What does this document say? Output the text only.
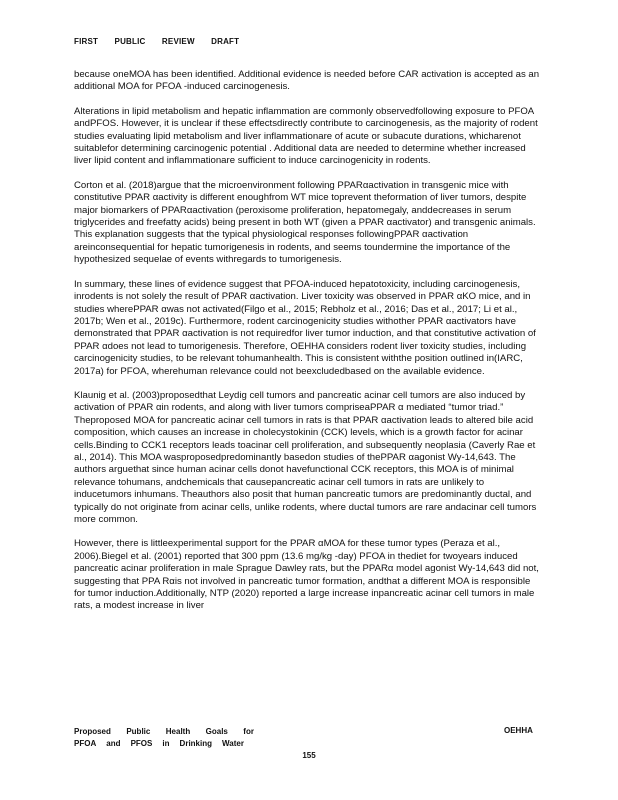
FIRST PUBLIC REVIEW DRAFT

because oneMOA has been identified. Additional evidence is needed before CAR activation is accepted as an additional MOA for PFOA -induced carcinogenesis.

Alterations in lipid metabolism and hepatic inflammation are commonly observedfollowing exposure to PFOA andPFOS. However, it is unclear if these effectsdirectly contribute to carcinogenesis, as the majority of rodent studies evaluating lipid metabolism and liver inflammationare of acute or subacute durations, whicharenot suitablefor determining carcinogenic potential . Additional data are needed to determine whether increased liver lipid content and inflammationare sufficient to induce carcinogenicity in rodents.

Corton et al. (2018)argue that the microenvironment following PPARαactivation in transgenic mice with constitutive PPAR αactivity is different enoughfrom WT mice toprevent theformation of liver tumors, despite major biomarkers of PPARαactivation (peroxisome proliferation, hepatomegaly, anddecreases in serum triglycerides and freefatty acids) being present in both WT (given a PPAR αactivator) and transgenic animals. This explanation suggests that the typical physiological responses followingPPAR αactivation areinconsequential for hepatic tumorigenesis in rodents, and seems toundermine the importance of the hypothesized sequelae of events withregards to tumorigenesis.

In summary, these lines of evidence suggest that PFOA-induced hepatotoxicity, including carcinogenesis, inrodents is not solely the result of PPAR αactivation. Liver toxicity was observed in PPAR αKO mice, and in studies wherePPAR αwas not activated(Filgo et al., 2015; Rebholz et al., 2016; Das et al., 2017; Li et al., 2017b; Wen et al., 2019c). Furthermore, rodent carcinogenicity studies withother PPAR αactivators have demonstrated that PPAR αactivation is not requiredfor liver tumor induction, and that constitutive activation of PPAR αdoes not lead to tumorigenesis. Therefore, OEHHA considers rodent liver toxicity studies, including carcinogenicity studies, to be relevant tohumanhealth. This is consistent withthe position outlined in(IARC, 2017a) for PFOA, wherehuman relevance could not beexcludedbased on the available evidence.

Klaunig et al. (2003)proposedthat Leydig cell tumors and pancreatic acinar cell tumors are also induced by activation of PPAR αin rodents, and along with liver tumors compriseaPPAR α mediated “tumor triad.” Theproposed MOA for pancreatic acinar cell tumors in rats is that PPAR αactivation leads to altered bile acid composition, which causes an increase in cholecystokinin (CCK) levels, which is a growth factor for acinar cells.Binding to CCK1 receptors leads toacinar cell proliferation, and subsequently neoplasia (Caverly Rae et al., 2014). This MOA wasproposedpredominantly basedon studies of thePPAR αagonist Wy-14,643. The authors arguethat since human acinar cells donot havefunctional CCK receptors, this MOA is of minimal relevance tohumans, andchemicals that causepancreatic acinar cell tumors in rats are unlikely to inducetumors inhumans. Theauthors also posit that human pancreatic tumors are predominantly ductal, and typically do not originate from acinar cells, unlike rodents, where ductal tumors are rare andacinar cell tumors more common.

However, there is littleexperimental support for the PPAR αMOA for these tumor types (Peraza et al., 2006).Biegel et al. (2001) reported that 300 ppm (13.6 mg/kg -day) PFOA in thediet for twoyears induced pancreatic acinar proliferation in male Sprague Dawley rats, but the PPARα model agonist Wy-14,643 did not, suggesting that PPA Rαis not involved in pancreatic tumor formation, andthat a different MOA is responsible for tumor induction.Additionally, NTP (2020) reported a large increase inpancreatic acinar cell tumors in male rats, a modest increase in liver

Proposed Public Health Goals for
PFOA and PFOS in Drinking Water
OEHHA
155
